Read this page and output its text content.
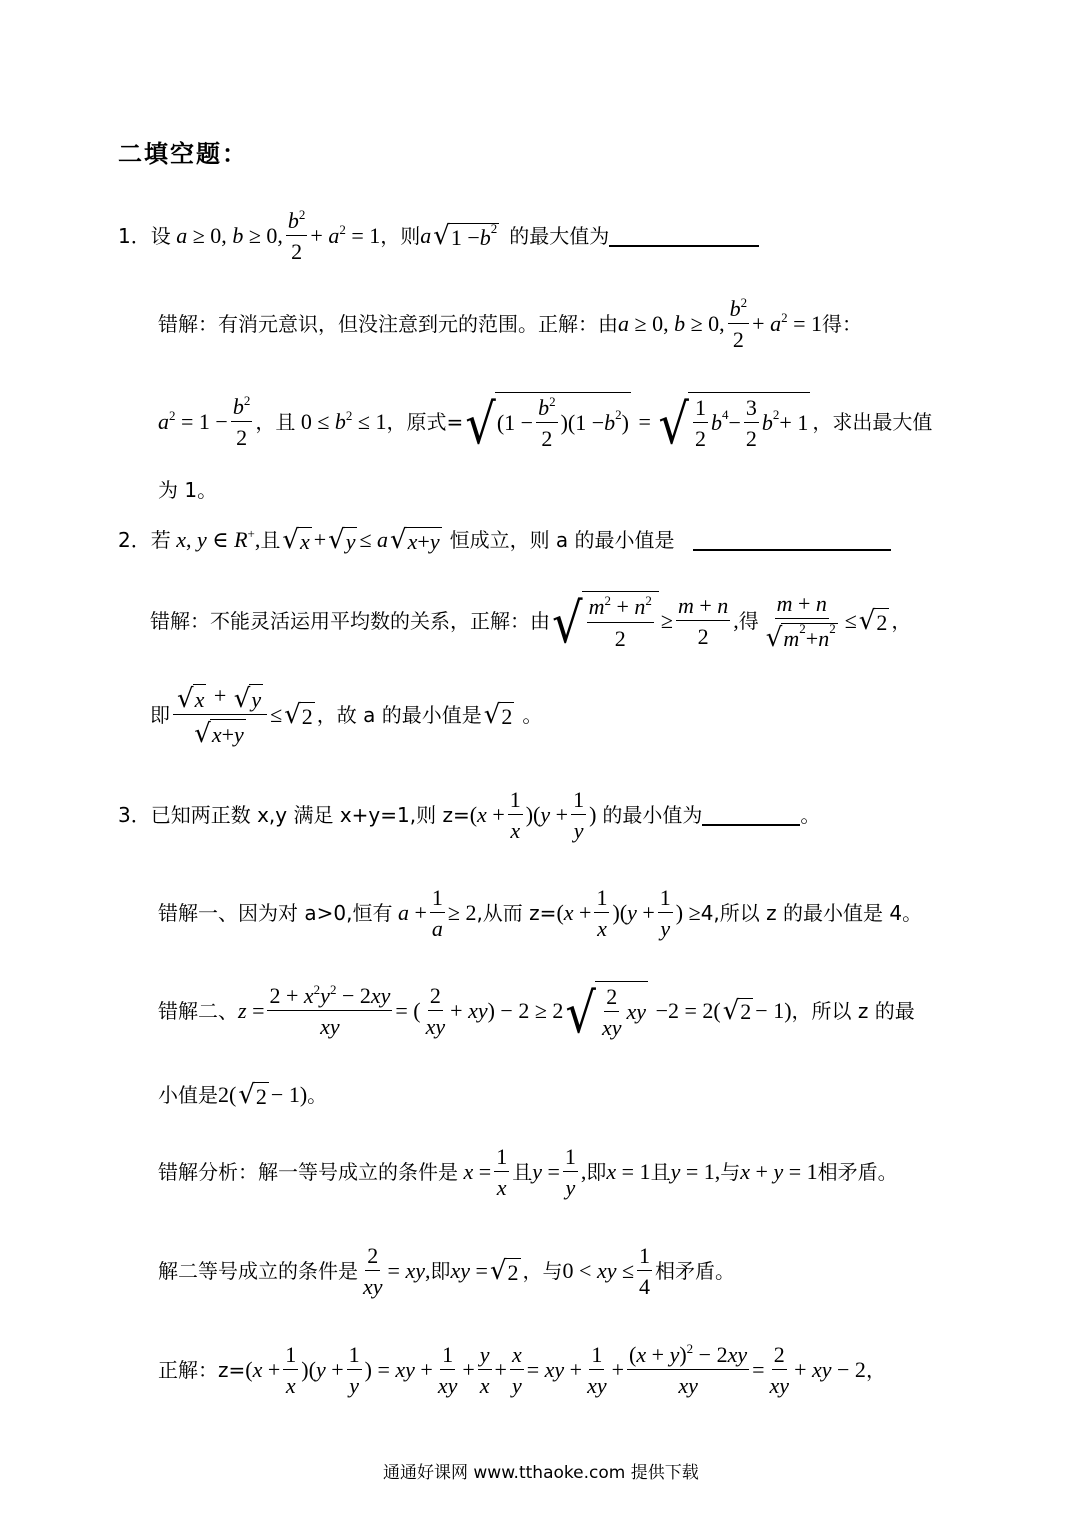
二填空题：
1． 设 a ≥ 0, b ≥ 0, $\frac{b^2}{2} + a^2 = 1$ ，则 a √ 1 − b 2 的最大值为
错解：有消元意识，但没注意到元的范围。正解：由 a ≥ 0, b ≥ 0, $\frac{b^2}{2} + a^2 = 1$ 得：
$a^2 = 1 - \frac{b^2}{2}$ ，且 $0 \le b^2 \le 1$ ，原式= √ $(1 - \frac{b^2}{2} )(1 - b$ 2 ) = √ $\frac{1}{2}$ b $4 - \frac{3}{2}$ b 2 + 1 ，求出最大值
为 1。
2． 若 x, y ∈ R+, 且 √ x + √ y ≤ a √ x + y 恒成立，则 a 的最小值是
错解：不能灵活运用平均数的关系，正解：由 √ $\frac{m^2 + n^2}{2} \ge \frac{m + n}{2}$ , 得 $\frac{m + n}{√ m 2 + n 2}$ ≤ √ 2 ，
即 $\frac{√ x + √ y}{√ x + y}$ ≤ √ 2 ，故 a 的最小值是 √ 2 。
3． 已知两正数 x,y 满足 x+y=1,则 $z= (x + \frac{1}{x} )(y + \frac{1}{y}$ ) 的最小值为	。
错解一、因为对 a>0,恒有 $a + \frac{1}{a} \ge 2$ ,从而 $z= (x + \frac{1}{x} )(y + \frac{1}{y}$ ) ≥ 4,所以 z 的最小值是 4。
错解二、 $z = \frac{2 + x^2y^2 - 2xy}{xy}$ = ( $\frac{2}{xy} + xy) - 2 \ge 2$ √ $\frac{2}{xy}$ xy −2 = 2( √ 2 − 1) ，所以 z 的最
小值是 2( √ 2 − 1) 。
错解分析：解一等号成立的条件是 $x = \frac{1}{x}$ 且 $y = \frac{1}{y}$ , 即 x = 1 且 y = 1, 与 x + y = 1 相矛盾。
解二等号成立的条件是 $\frac{2}{xy}$ = xy, 即 xy = √ 2 ，与 0 < xy ≤ $\frac{1}{4}$ 相矛盾。
正解：$z= (x + \frac{1}{x} )(y + \frac{1}{y}$ ) = xy + $\frac{1}{xy} + \frac{y}{x} + \frac{x}{y}$ = xy + $\frac{1}{xy} + \frac{(x + y)^2 - 2xy}{xy} = \frac{2}{xy}$ + xy − 2 ，
通通好课网 www.tthaoke.com 提供下载
